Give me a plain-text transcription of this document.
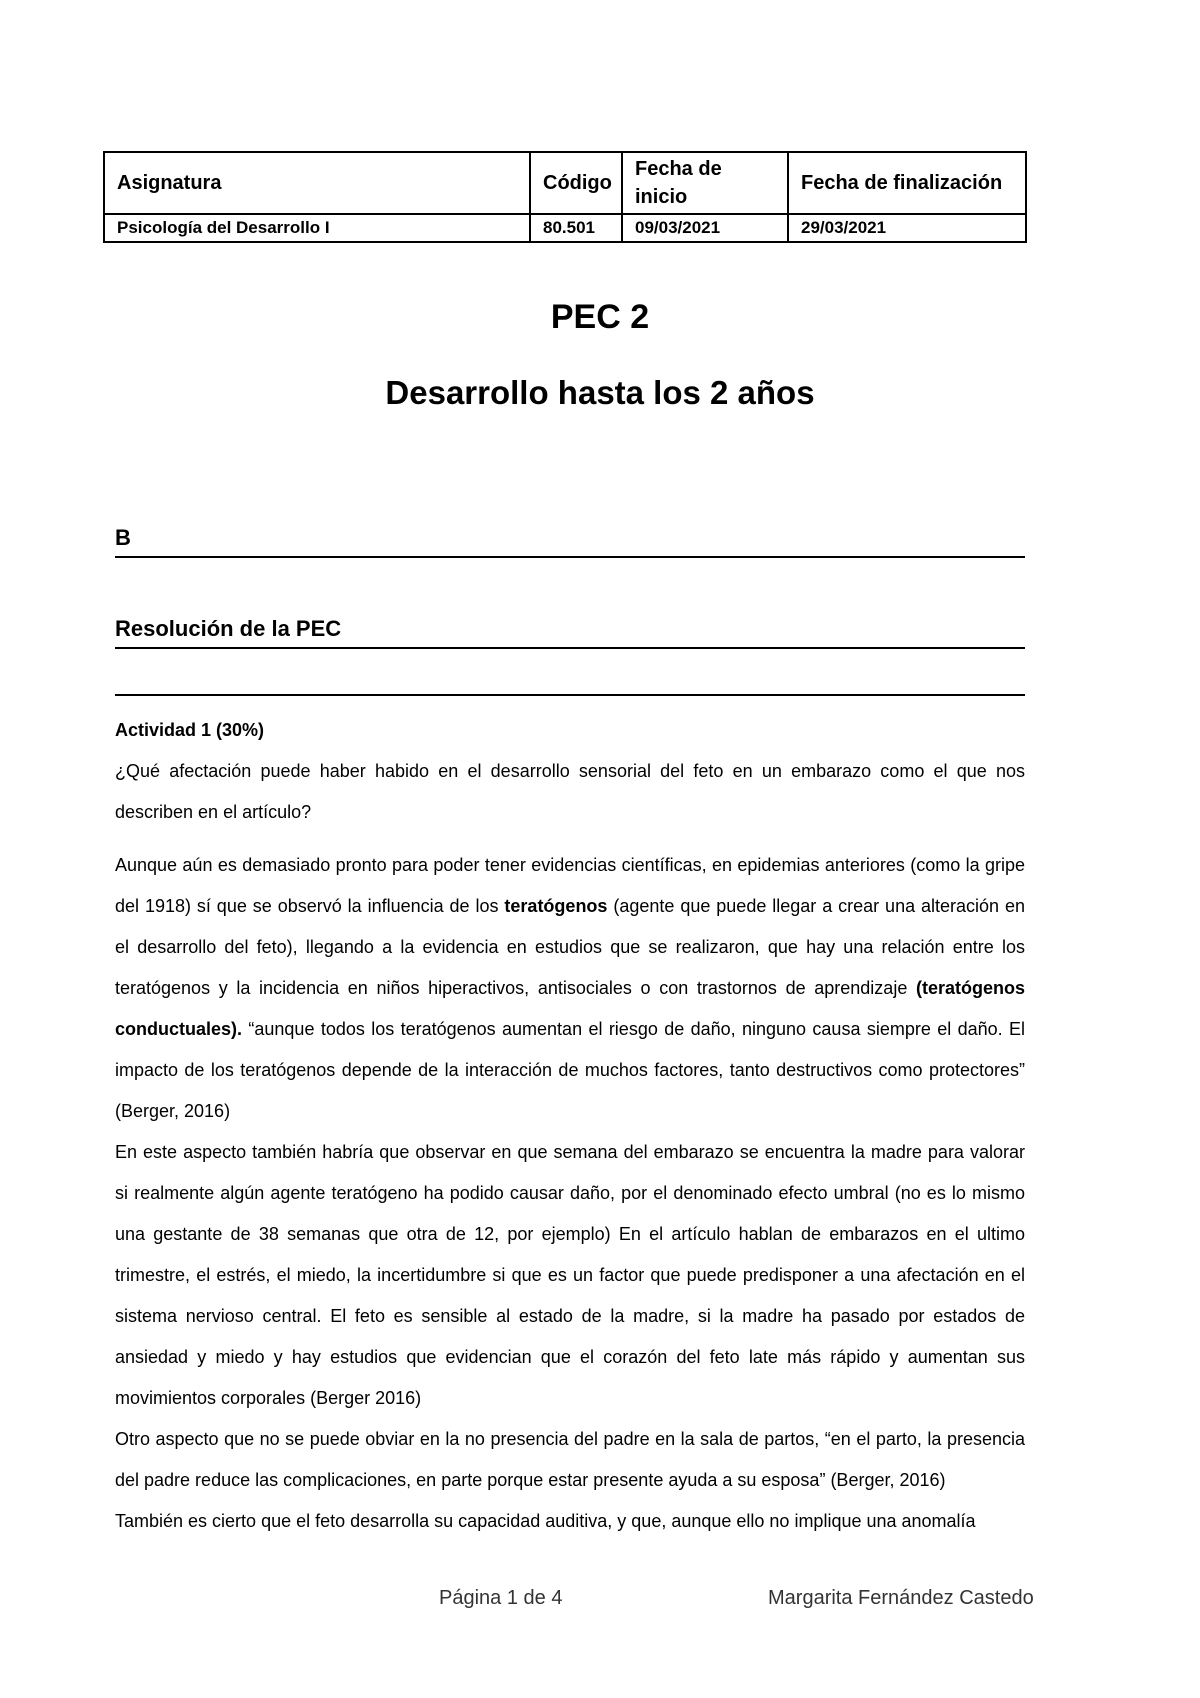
Asignatura	Código	Fecha de inicio	Fecha de finalización
Psicología del Desarrollo I	80.501	09/03/2021	29/03/2021
PEC 2
Desarrollo hasta los 2 años
B
Resolución de la PEC

Actividad 1 (30%)

¿Qué afectación puede haber habido en el desarrollo sensorial del feto en un embarazo como el que nos describen en el artículo?

Aunque aún es demasiado pronto para poder tener evidencias científicas, en epidemias anteriores (como la gripe del 1918) sí que se observó la influencia de los teratógenos (agente que puede llegar a crear una alteración en el desarrollo del feto), llegando a la evidencia en estudios que se realizaron, que hay una relación entre los teratógenos y la incidencia en niños hiperactivos, antisociales o con trastornos de aprendizaje (teratógenos conductuales). “aunque todos los teratógenos aumentan el riesgo de daño, ninguno causa siempre el daño. El impacto de los teratógenos depende de la interacción de muchos factores, tanto destructivos como protectores” (Berger, 2016)

En este aspecto también habría que observar en que semana del embarazo se encuentra la madre para valorar si realmente algún agente teratógeno ha podido causar daño, por el denominado efecto umbral (no es lo mismo una gestante de 38 semanas que otra de 12, por ejemplo) En el artículo hablan de embarazos en el ultimo trimestre, el estrés, el miedo, la incertidumbre si que es un factor que puede predisponer a una afectación en el sistema nervioso central. El feto es sensible al estado de la madre, si la madre ha pasado por estados de ansiedad y miedo y hay estudios que evidencian que el corazón del feto late más rápido y aumentan sus movimientos corporales (Berger 2016)

Otro aspecto que no se puede obviar en la no presencia del padre en la sala de partos, “en el parto, la presencia del padre reduce las complicaciones, en parte porque estar presente ayuda a su esposa” (Berger, 2016)

También es cierto que el feto desarrolla su capacidad auditiva, y que, aunque ello no implique una anomalía

Página 1 de 4	Margarita Fernández Castedo
